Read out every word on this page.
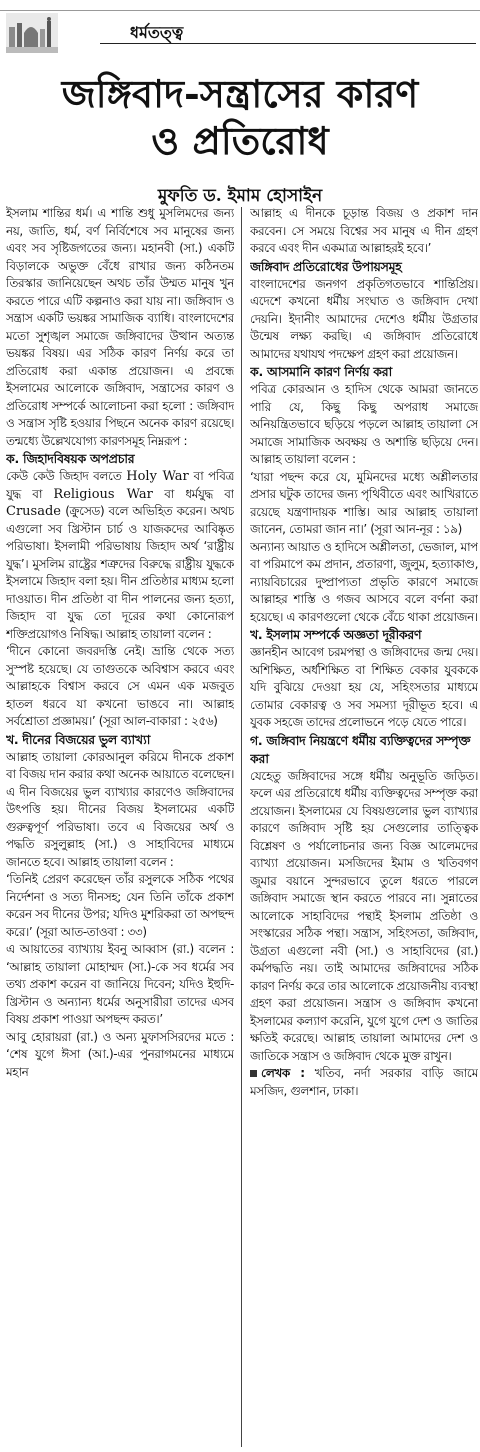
ধর্মতত্ত্ব
জঙ্গিবাদ-সন্ত্রাসের কারণ
ও প্রতিরোধ
মুফতি ড. ইমাম হোসাইন

ইসলাম শান্তির ধর্ম। এ শান্তি শুধু মুসলিমদের জন্য নয়, জাতি, ধর্ম, বর্ণ নির্বিশেষে সব মানুষের জন্য এবং সব সৃষ্টিজগতের জন্য। মহানবী (সা.) একটি বিড়ালকে অভুক্ত বেঁধে রাখার জন্য কঠিনতম তিরস্কার জানিয়েছেন অথচ তাঁর উম্মত মানুষ খুন করতে পারে এটি কল্পনাও করা যায় না। জঙ্গিবাদ ও সন্ত্রাস একটি ভয়ঙ্কর সামাজিক ব্যাধি। বাংলাদেশের মতো সুশৃঙ্খল সমাজে জঙ্গিবাদের উত্থান অত্যন্ত ভয়ঙ্কর বিষয়। এর সঠিক কারণ নির্ণয় করে তা প্রতিরোধ করা একান্ত প্রয়োজন। এ প্রবন্ধে ইসলামের আলোকে জঙ্গিবাদ, সন্ত্রাসের কারণ ও প্রতিরোধ সম্পর্কে আলোচনা করা হলো : জঙ্গিবাদ ও সন্ত্রাস সৃষ্টি হওয়ার পিছনে অনেক কারণ রয়েছে। তন্মধ্যে উল্লেখযোগ্য কারণসমূহ নিম্নরূপ :

ক. জিহাদবিষয়ক অপপ্রচার

কেউ কেউ জিহাদ বলতে Holy War বা পবিত্র যুদ্ধ বা Religious War বা ধর্মযুদ্ধ বা Crusade (ক্রুসেড) বলে অভিহিত করেন। অথচ এগুলো সব খ্রিস্টান চার্চ ও যাজকদের আবিষ্কৃত পরিভাষা। ইসলামী পরিভাষায় জিহাদ অর্থ ‘রাষ্ট্রীয় যুদ্ধ’। মুসলিম রাষ্ট্রের শত্রুদের বিরুদ্ধে রাষ্ট্রীয় যুদ্ধকে ইসলামে জিহাদ বলা হয়। দীন প্রতিষ্ঠার মাধ্যম হলো দাওয়াত। দীন প্রতিষ্ঠা বা দীন পালনের জন্য হত্যা, জিহাদ বা যুদ্ধ তো দূরের কথা কোনোরূপ শক্তিপ্রয়োগও নিষিদ্ধ। আল্লাহ তায়ালা বলেন :

‘দীনে কোনো জবরদস্তি নেই। ভ্রান্তি থেকে সত্য সুস্পষ্ট হয়েছে। যে তাগুতকে অবিশ্বাস করবে এবং আল্লাহকে বিশ্বাস করবে সে এমন এক মজবুত হাতল ধরবে যা কখনো ভাঙবে না। আল্লাহ সর্বশ্রোতা প্রজ্ঞাময়।’ (সূরা আল-বাকারা : ২৫৬)

খ. দীনের বিজয়ের ভুল ব্যাখ্যা

আল্লাহ তায়ালা কোরআনুল করিমে দীনকে প্রকাশ বা বিজয় দান করার কথা অনেক আয়াতে বলেছেন। এ দীন বিজয়ের ভুল ব্যাখ্যার কারণেও জঙ্গিবাদের উৎপত্তি হয়। দীনের বিজয় ইসলামের একটি গুরুত্বপূর্ণ পরিভাষা। তবে এ বিজয়ের অর্থ ও পদ্ধতি রসুলুল্লাহ (সা.) ও সাহাবিদের মাধ্যমে জানতে হবে। আল্লাহ তায়ালা বলেন :

‘তিনিই প্রেরণ করেছেন তাঁর রসুলকে সঠিক পথের নির্দেশনা ও সত্য দীনসহ; যেন তিনি তাঁকে প্রকাশ করেন সব দীনের উপর; যদিও মুশরিকরা তা অপছন্দ করে।’ (সূরা আত-তাওবা : ৩৩)

এ আয়াতের ব্যাখ্যায় ইবনু আব্বাস (রা.) বলেন : ‘আল্লাহ তায়ালা মোহাম্মদ (সা.)-কে সব ধর্মের সব তথ্য প্রকাশ করেন বা জানিয়ে দিবেন; যদিও ইহুদি-খ্রিস্টান ও অন্যান্য ধর্মের অনুসারীরা তাদের এসব বিষয় প্রকাশ পাওয়া অপছন্দ করত।’

আবু হোরায়রা (রা.) ও অন্য মুফাসসিরদের মতে : ‘শেষ যুগে ঈসা (আ.)-এর পুনরাগমনের মাধ্যমে মহান

আল্লাহ এ দীনকে চূড়ান্ত বিজয় ও প্রকাশ দান করবেন। সে সময়ে বিশ্বের সব মানুষ এ দীন গ্রহণ করবে এবং দীন একমাত্র আল্লাহরই হবে।’

জঙ্গিবাদ প্রতিরোধের উপায়সমূহ

বাংলাদেশের জনগণ প্রকৃতিগতভাবে শান্তিপ্রিয়। এদেশে কখনো ধর্মীয় সংঘাত ও জঙ্গিবাদ দেখা দেয়নি। ইদানীং আমাদের দেশেও ধর্মীয় উগ্রতার উন্মেষ লক্ষ্য করছি। এ জঙ্গিবাদ প্রতিরোধে আমাদের যথাযথ পদক্ষেপ গ্রহণ করা প্রয়োজন।

ক. আসমানি কারণ নির্ণয় করা

পবিত্র কোরআন ও হাদিস থেকে আমরা জানতে পারি যে, কিছু কিছু অপরাধ সমাজে অনিয়ন্ত্রিতভাবে ছড়িয়ে পড়লে আল্লাহ তায়ালা সে সমাজে সামাজিক অবক্ষয় ও অশান্তি ছড়িয়ে দেন। আল্লাহ তায়ালা বলেন :

‘যারা পছন্দ করে যে, মুমিনদের মধ্যে অশ্লীলতার প্রসার ঘটুক তাদের জন্য পৃথিবীতে এবং আখিরাতে রয়েছে যন্ত্রণাদায়ক শাস্তি। আর আল্লাহ তায়ালা জানেন, তোমরা জান না।’ (সূরা আন-নূর : ১৯)

অন্যান্য আয়াত ও হাদিসে অশ্লীলতা, ভেজাল, মাপ বা পরিমাপে কম প্রদান, প্রতারণা, জুলুম, হত্যাকাণ্ড, ন্যায়বিচারের দুষ্প্রাপ্যতা প্রভৃতি কারণে সমাজে আল্লাহর শাস্তি ও গজব আসবে বলে বর্ণনা করা হয়েছে। এ কারণগুলো থেকে বেঁচে থাকা প্রয়োজন।

খ. ইসলাম সম্পর্কে অজ্ঞতা দূরীকরণ

জ্ঞানহীন আবেগ চরমপন্থা ও জঙ্গিবাদের জন্ম দেয়। অশিক্ষিত, অর্ধশিক্ষিত বা শিক্ষিত বেকার যুবককে যদি বুঝিয়ে দেওয়া হয় যে, সহিংসতার মাধ্যমে তোমার বেকারত্ব ও সব সমস্যা দূরীভূত হবে। এ যুবক সহজে তাদের প্রলোভনে পড়ে যেতে পারে।

গ. জঙ্গিবাদ নিয়ন্ত্রণে ধর্মীয় ব্যক্তিত্বদের সম্পৃক্ত করা

যেহেতু জঙ্গিবাদের সঙ্গে ধর্মীয় অনুভূতি জড়িত। ফলে এর প্রতিরোধে ধর্মীয় ব্যক্তিত্বদের সম্পৃক্ত করা প্রয়োজন। ইসলামের যে বিষয়গুলোর ভুল ব্যাখ্যার কারণে জঙ্গিবাদ সৃষ্টি হয় সেগুলোর তাত্ত্বিক বিশ্লেষণ ও পর্যালোচনার জন্য বিজ্ঞ আলেমদের ব্যাখ্যা প্রয়োজন। মসজিদের ইমাম ও খতিবগণ জুমার বয়ানে সুন্দরভাবে তুলে ধরতে পারলে জঙ্গিবাদ সমাজে স্থান করতে পারবে না। সুন্নাতের আলোকে সাহাবিদের পন্থাই ইসলাম প্রতিষ্ঠা ও সংস্কারের সঠিক পন্থা। সন্ত্রাস, সহিংসতা, জঙ্গিবাদ, উগ্রতা এগুলো নবী (সা.) ও সাহাবিদের (রা.) কর্মপদ্ধতি নয়। তাই আমাদের জঙ্গিবাদের সঠিক কারণ নির্ণয় করে তার আলোকে প্রয়োজনীয় ব্যবস্থা গ্রহণ করা প্রয়োজন। সন্ত্রাস ও জঙ্গিবাদ কখনো ইসলামের কল্যাণ করেনি, যুগে যুগে দেশ ও জাতির ক্ষতিই করেছে। আল্লাহ তায়ালা আমাদের দেশ ও জাতিকে সন্ত্রাস ও জঙ্গিবাদ থেকে মুক্ত রাখুন।

লেখক : খতিব, নর্দা সরকার বাড়ি জামে মসজিদ, গুলশান, ঢাকা।
